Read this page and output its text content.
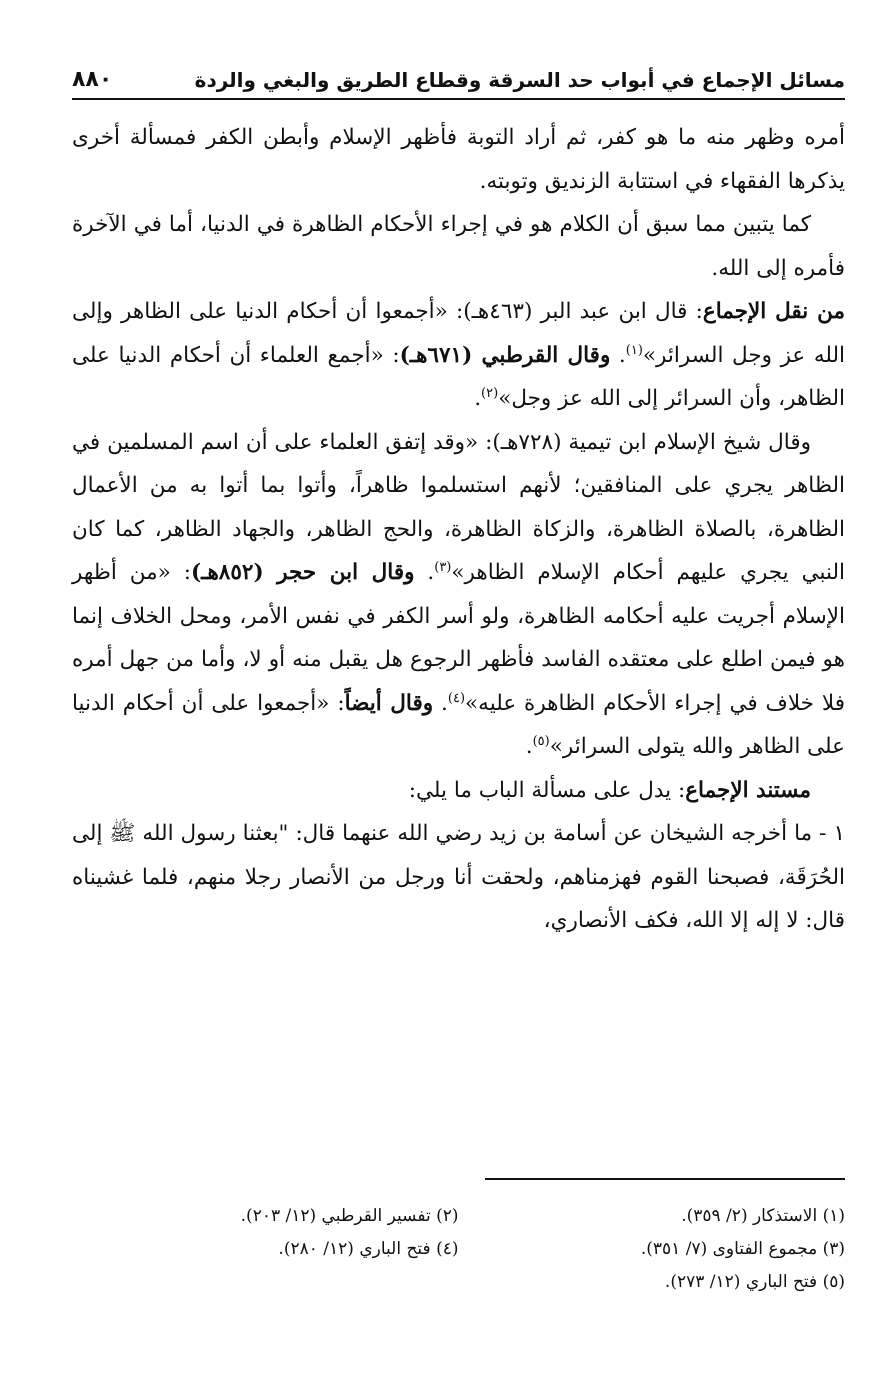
مسائل الإجماع في أبواب حد السرقة وقطاع الطريق والبغي والردة
٨٨٠

أمره وظهر منه ما هو كفر، ثم أراد التوبة فأظهر الإسلام وأبطن الكفر فمسألة أخرى يذكرها الفقهاء في استتابة الزنديق وتوبته.

كما يتبين مما سبق أن الكلام هو في إجراء الأحكام الظاهرة في الدنيا، أما في الآخرة فأمره إلى الله.

من نقل الإجماع: قال ابن عبد البر (٤٦٣هـ): «أجمعوا أن أحكام الدنيا على الظاهر وإلى الله عز وجل السرائر»$^{(١)}$. وقال القرطبي (٦٧١هـ): «أجمع العلماء أن أحكام الدنيا على الظاهر، وأن السرائر إلى الله عز وجل»$^{(٢)}$.

وقال شيخ الإسلام ابن تيمية (٧٢٨هـ): «وقد إتفق العلماء على أن اسم المسلمين في الظاهر يجري على المنافقين؛ لأنهم استسلموا ظاهراً، وأتوا بما أتوا به من الأعمال الظاهرة، بالصلاة الظاهرة، والزكاة الظاهرة، والحج الظاهر، والجهاد الظاهر، كما كان النبي يجري عليهم أحكام الإسلام الظاهر»$^{(٣)}$. وقال ابن حجر (٨٥٢هـ): «من أظهر الإسلام أجريت عليه أحكامه الظاهرة، ولو أسر الكفر في نفس الأمر، ومحل الخلاف إنما هو فيمن اطلع على معتقده الفاسد فأظهر الرجوع هل يقبل منه أو لا، وأما من جهل أمره فلا خلاف في إجراء الأحكام الظاهرة عليه»$^{(٤)}$. وقال أيضاً: «أجمعوا على أن أحكام الدنيا على الظاهر والله يتولى السرائر»$^{(٥)}$.

مستند الإجماع: يدل على مسألة الباب ما يلي:

١ - ما أخرجه الشيخان عن أسامة بن زيد رضي الله عنهما قال: "بعثنا رسول الله ﷺ إلى الحُرَقَة، فصبحنا القوم فهزمناهم، ولحقت أنا ورجل من الأنصار رجلا منهم، فلما غشيناه قال: لا إله إلا الله، فكف الأنصاري،

(١) الاستذكار (٢/ ٣٥٩).
(٢) تفسير القرطبي (١٢/ ٢٠٣).
(٣) مجموع الفتاوى (٧/ ٣٥١).
(٤) فتح الباري (١٢/ ٢٨٠).
(٥) فتح الباري (١٢/ ٢٧٣).
